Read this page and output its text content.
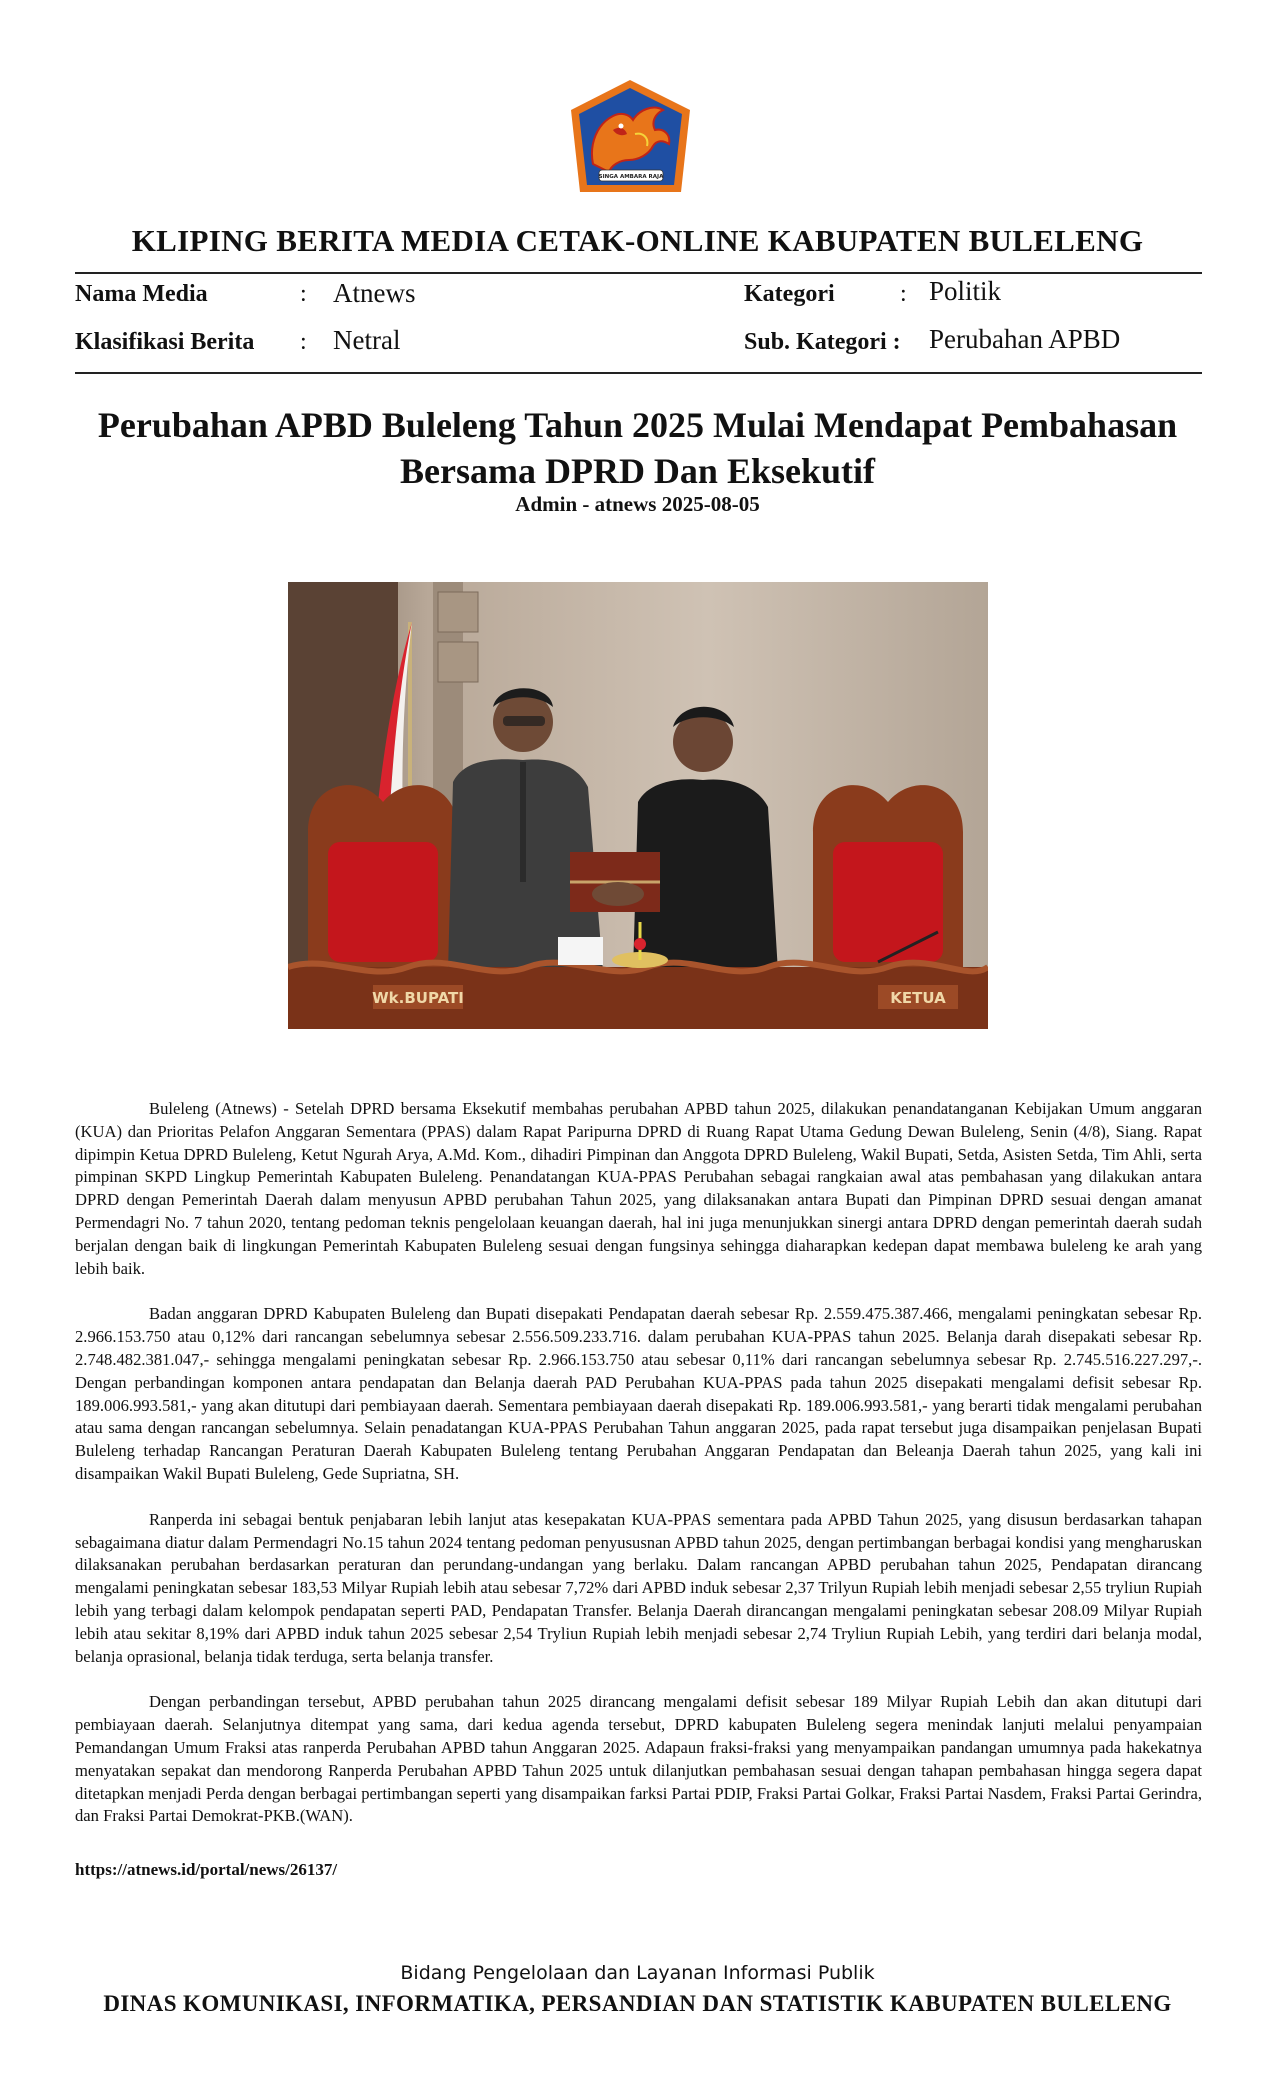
SINGA AMBARA RAJA
KLIPING BERITA MEDIA CETAK-ONLINE KABUPATEN BULELENG
Nama Media	: Atnews	Kategori	: Politik
Klasifikasi Berita : Netral	Sub. Kategori : Perubahan APBD
Perubahan APBD Buleleng Tahun 2025 Mulai Mendapat Pembahasan
Bersama DPRD Dan Eksekutif
Admin - atnews 2025-08-05
Wk.BUPATI	KETUA

Buleleng (Atnews) - Setelah DPRD bersama Eksekutif membahas perubahan APBD tahun 2025, dilakukan penandatanganan Kebijakan Umum anggaran (KUA) dan Prioritas Pelafon Anggaran Sementara (PPAS) dalam Rapat Paripurna DPRD di Ruang Rapat Utama Gedung Dewan Buleleng, Senin (4/8), Siang. Rapat dipimpin Ketua DPRD Buleleng, Ketut Ngurah Arya, A.Md. Kom., dihadiri Pimpinan dan Anggota DPRD Buleleng, Wakil Bupati, Setda, Asisten Setda, Tim Ahli, serta pimpinan SKPD Lingkup Pemerintah Kabupaten Buleleng. Penandatangan KUA-PPAS Perubahan sebagai rangkaian awal atas pembahasan yang dilakukan antara DPRD dengan Pemerintah Daerah dalam menyusun APBD perubahan Tahun 2025, yang dilaksanakan antara Bupati dan Pimpinan DPRD sesuai dengan amanat Permendagri No. 7 tahun 2020, tentang pedoman teknis pengelolaan keuangan daerah, hal ini juga menunjukkan sinergi antara DPRD dengan pemerintah daerah sudah berjalan dengan baik di lingkungan Pemerintah Kabupaten Buleleng sesuai dengan fungsinya sehingga diaharapkan kedepan dapat membawa buleleng ke arah yang lebih baik.

Badan anggaran DPRD Kabupaten Buleleng dan Bupati disepakati Pendapatan daerah sebesar Rp. 2.559.475.387.466, mengalami peningkatan sebesar Rp. 2.966.153.750 atau 0,12% dari rancangan sebelumnya sebesar 2.556.509.233.716. dalam perubahan KUA-PPAS tahun 2025. Belanja darah disepakati sebesar Rp. 2.748.482.381.047,- sehingga mengalami peningkatan sebesar Rp. 2.966.153.750 atau sebesar 0,11% dari rancangan sebelumnya sebesar Rp. 2.745.516.227.297,-. Dengan perbandingan komponen antara pendapatan dan Belanja daerah PAD Perubahan KUA-PPAS pada tahun 2025 disepakati mengalami defisit sebesar Rp. 189.006.993.581,- yang akan ditutupi dari pembiayaan daerah. Sementara pembiayaan daerah disepakati Rp. 189.006.993.581,- yang berarti tidak mengalami perubahan atau sama dengan rancangan sebelumnya. Selain penadatangan KUA-PPAS Perubahan Tahun anggaran 2025, pada rapat tersebut juga disampaikan penjelasan Bupati Buleleng terhadap Rancangan Peraturan Daerah Kabupaten Buleleng tentang Perubahan Anggaran Pendapatan dan Beleanja Daerah tahun 2025, yang kali ini disampaikan Wakil Bupati Buleleng, Gede Supriatna, SH.

Ranperda ini sebagai bentuk penjabaran lebih lanjut atas kesepakatan KUA-PPAS sementara pada APBD Tahun 2025, yang disusun berdasarkan tahapan sebagaimana diatur dalam Permendagri No.15 tahun 2024 tentang pedoman penyususnan APBD tahun 2025, dengan pertimbangan berbagai kondisi yang mengharuskan dilaksanakan perubahan berdasarkan peraturan dan perundang-undangan yang berlaku. Dalam rancangan APBD perubahan tahun 2025, Pendapatan dirancang mengalami peningkatan sebesar 183,53 Milyar Rupiah lebih atau sebesar 7,72% dari APBD induk sebesar 2,37 Trilyun Rupiah lebih menjadi sebesar 2,55 tryliun Rupiah lebih yang terbagi dalam kelompok pendapatan seperti PAD, Pendapatan Transfer. Belanja Daerah dirancangan mengalami peningkatan sebesar 208.09 Milyar Rupiah lebih atau sekitar 8,19% dari APBD induk tahun 2025 sebesar 2,54 Tryliun Rupiah lebih menjadi sebesar 2,74 Tryliun Rupiah Lebih, yang terdiri dari belanja modal, belanja oprasional, belanja tidak terduga, serta belanja transfer.

Dengan perbandingan tersebut, APBD perubahan tahun 2025 dirancang mengalami defisit sebesar 189 Milyar Rupiah Lebih dan akan ditutupi dari pembiayaan daerah. Selanjutnya ditempat yang sama, dari kedua agenda tersebut, DPRD kabupaten Buleleng segera menindak lanjuti melalui penyampaian Pemandangan Umum Fraksi atas ranperda Perubahan APBD tahun Anggaran 2025. Adapaun fraksi-fraksi yang menyampaikan pandangan umumnya pada hakekatnya menyatakan sepakat dan mendorong Ranperda Perubahan APBD Tahun 2025 untuk dilanjutkan pembahasan sesuai dengan tahapan pembahasan hingga segera dapat ditetapkan menjadi Perda dengan berbagai pertimbangan seperti yang disampaikan farksi Partai PDIP, Fraksi Partai Golkar, Fraksi Partai Nasdem, Fraksi Partai Gerindra, dan Fraksi Partai Demokrat-PKB.(WAN).

https://atnews.id/portal/news/26137/
Bidang Pengelolaan dan Layanan Informasi Publik
DINAS KOMUNIKASI, INFORMATIKA, PERSANDIAN DAN STATISTIK KABUPATEN BULELENG
